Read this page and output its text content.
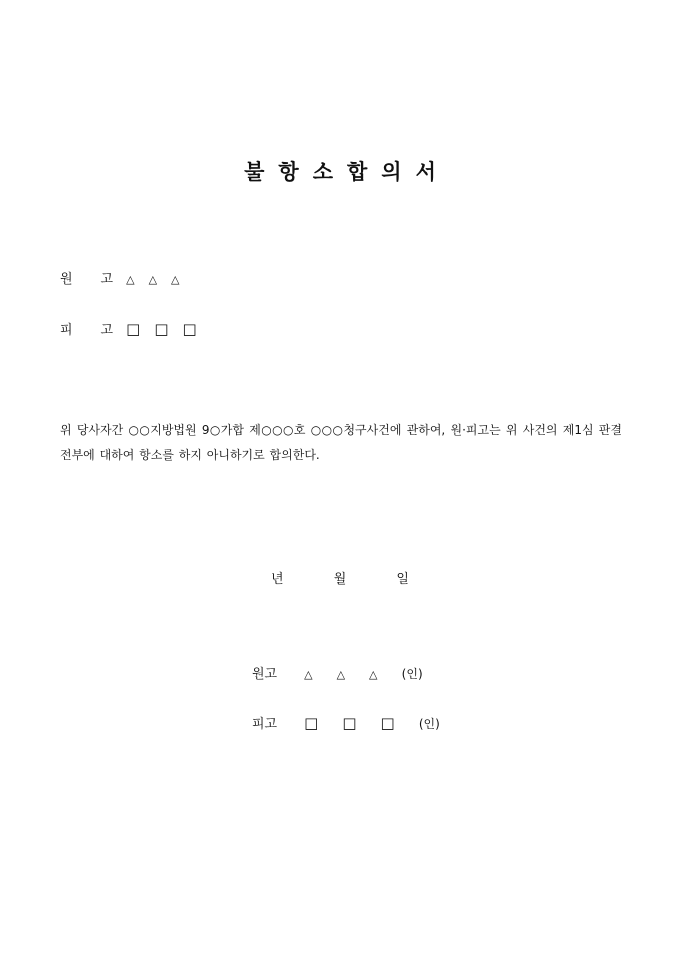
불항소합의서
원고 △△△
피고 □□□
위 당사자간 ○○지방법원 9○가합 제○○○호 ○○○청구사건에 관하여, 원·피고는 위 사건의 제1심 판결 전부에 대하여 항소를 하지 아니하기로 합의한다.
년	월	일
원고 △△△ (인)
피고 □□□ (인)
